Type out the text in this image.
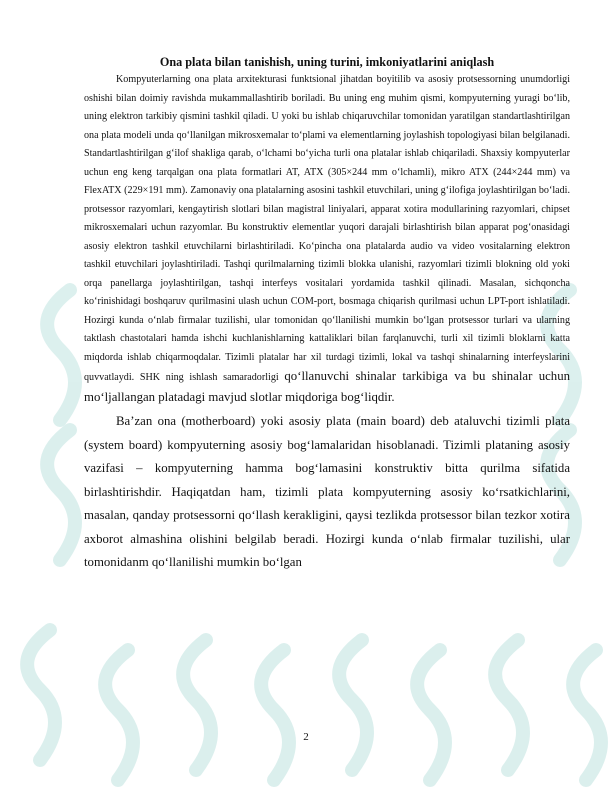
Ona plata bilan tanishish, uning turini, imkoniyatlarini aniqlash

Kompyuterlarning ona plata arxitekturasi funktsional jihatdan boyitilib va asosiy protsessorning unumdorligi oshishi bilan doimiy ravishda mukammallashtirib boriladi. Bu uning eng muhim qismi, kompyuterning yuragi bo‘lib, uning elektron tarkibiy qismini tashkil qiladi. U yoki bu ishlab chiqaruvchilar tomonidan yaratilgan standartlashtirilgan ona plata modeli unda qo‘llanilgan mikrosxemalar to‘plami va elementlarning joylashish topologiyasi bilan belgilanadi. Standartlashtirilgan g‘ilof shakliga qarab, o‘lchami bo‘yicha turli ona platalar ishlab chiqariladi. Shaxsiy kompyuterlar uchun eng keng tarqalgan ona plata formatlari AT, ATX (305×244 mm o‘lchamli), mikro ATX (244×244 mm) va FlexATX (229×191 mm). Zamonaviy ona platalarning asosini tashkil etuvchilari, uning g‘ilofiga joylashtirilgan bo‘ladi. protsessor razyomlari, kengaytirish slotlari bilan magistral liniyalari, apparat xotira modullarining razyomlari, chipset mikrosxemalari uchun razyomlar. Bu konstruktiv elementlar yuqori darajali birlashtirish bilan apparat pog‘onasidagi asosiy elektron tashkil etuvchilarni birlashtiriladi. Ko‘pincha ona platalarda audio va video vositalarning elektron tashkil etuvchilari joylashtiriladi. Tashqi qurilmalarning tizimli blokka ulanishi, razyomlari tizimli blokning old yoki orqa panellarga joylashtirilgan, tashqi interfeys vositalari yordamida tashkil qilinadi. Masalan, sichqoncha ko‘rinishidagi boshqaruv qurilmasini ulash uchun COM-port, bosmaga chiqarish qurilmasi uchun LPT-port ishlatiladi. Hozirgi kunda o‘nlab firmalar tuzilishi, ular tomonidan qo‘llanilishi mumkin bo‘lgan protsessor turlari va ularning taktlash chastotalari hamda ishchi kuchlanishlarning kattaliklari bilan farqlanuvchi, turli xil tizimli bloklarni katta miqdorda ishlab chiqarmoqdalar. Tizimli platalar har xil turdagi tizimli, lokal va tashqi shinalarning interfeyslarini quvvatlaydi. SHK ning ishlash samaradorligi qo‘llanuvchi shinalar tarkibiga va bu shinalar uchun mo‘ljallangan platadagi mavjud slotlar miqdoriga bog‘liqdir.

Ba’zan ona (motherboard) yoki asosiy plata (main board) deb ataluvchi tizimli plata (system board) kompyuterning asosiy bog‘lamalaridan hisoblanadi. Tizimli plataning asosiy vazifasi – kompyuterning hamma bog‘lamasini konstruktiv bitta qurilma sifatida birlashtirishdir. Haqiqatdan ham, tizimli plata kompyuterning asosiy ko‘rsatkichlarini, masalan, qanday protsessorni qo‘llash kerakligini, qaysi tezlikda protsessor bilan tezkor xotira axborot almashina olishini belgilab beradi. Hozirgi kunda o‘nlab firmalar tuzilishi, ular tomonidanm qo‘llanilishi mumkin bo‘lgan

2
